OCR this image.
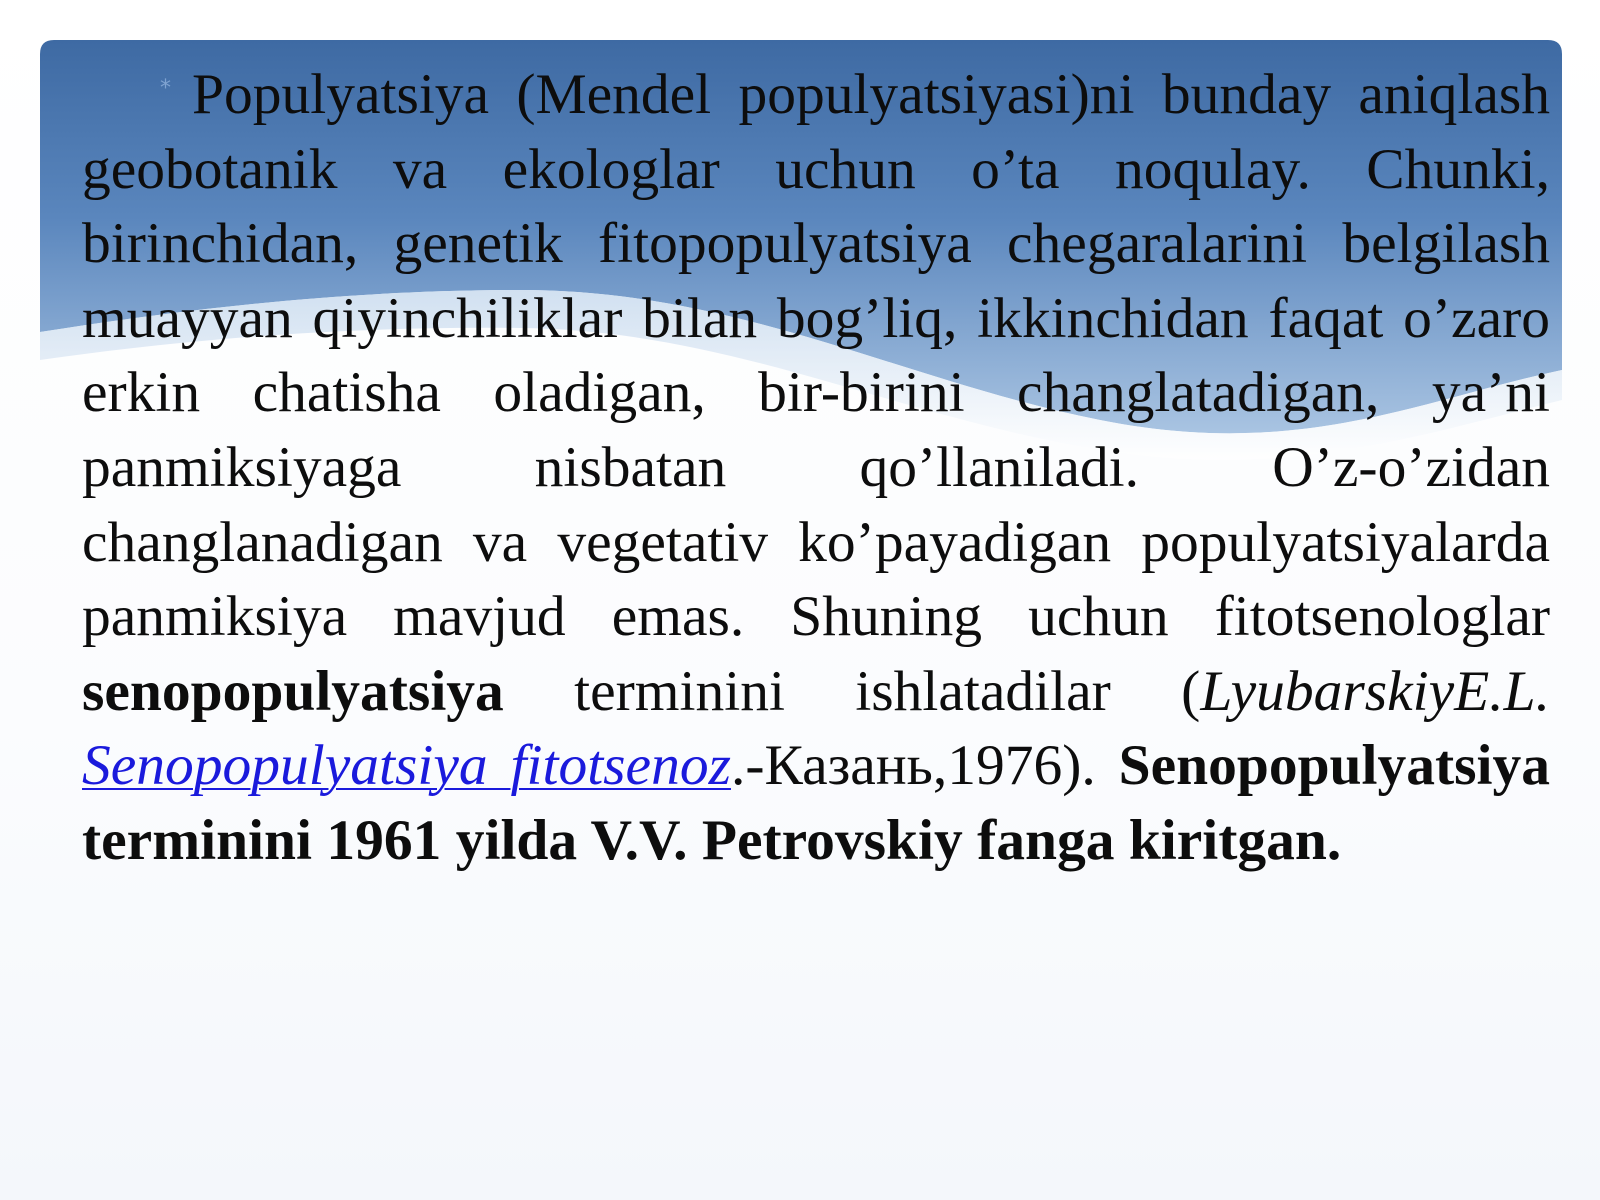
* Populyatsiya (Mendel populyatsiyasi)ni bunday aniqlash geobotanik va ekologlar uchun o’ta noqulay. Chunki, birinchidan, genetik fitopopulyatsiya chegaralarini belgilash muayyan qiyinchiliklar bilan bog’liq, ikkinchidan faqat o’zaro erkin chatisha oladigan, bir-birini changlatadigan, ya’ni panmiksiyaga nisbatan qo’llaniladi. O’z-o’zidan changlanadigan va vegetativ ko’payadigan populyatsiyalarda panmiksiya mavjud emas. Shuning uchun fitotsenologlar senopopulyatsiya terminini ishlatadilar (LyubarskiyE.L. Senopopulyatsiya fitotsenoz.-Казань,1976). Senopopulyatsiya terminini 1961 yilda V.V. Petrovskiy fanga kiritgan.
